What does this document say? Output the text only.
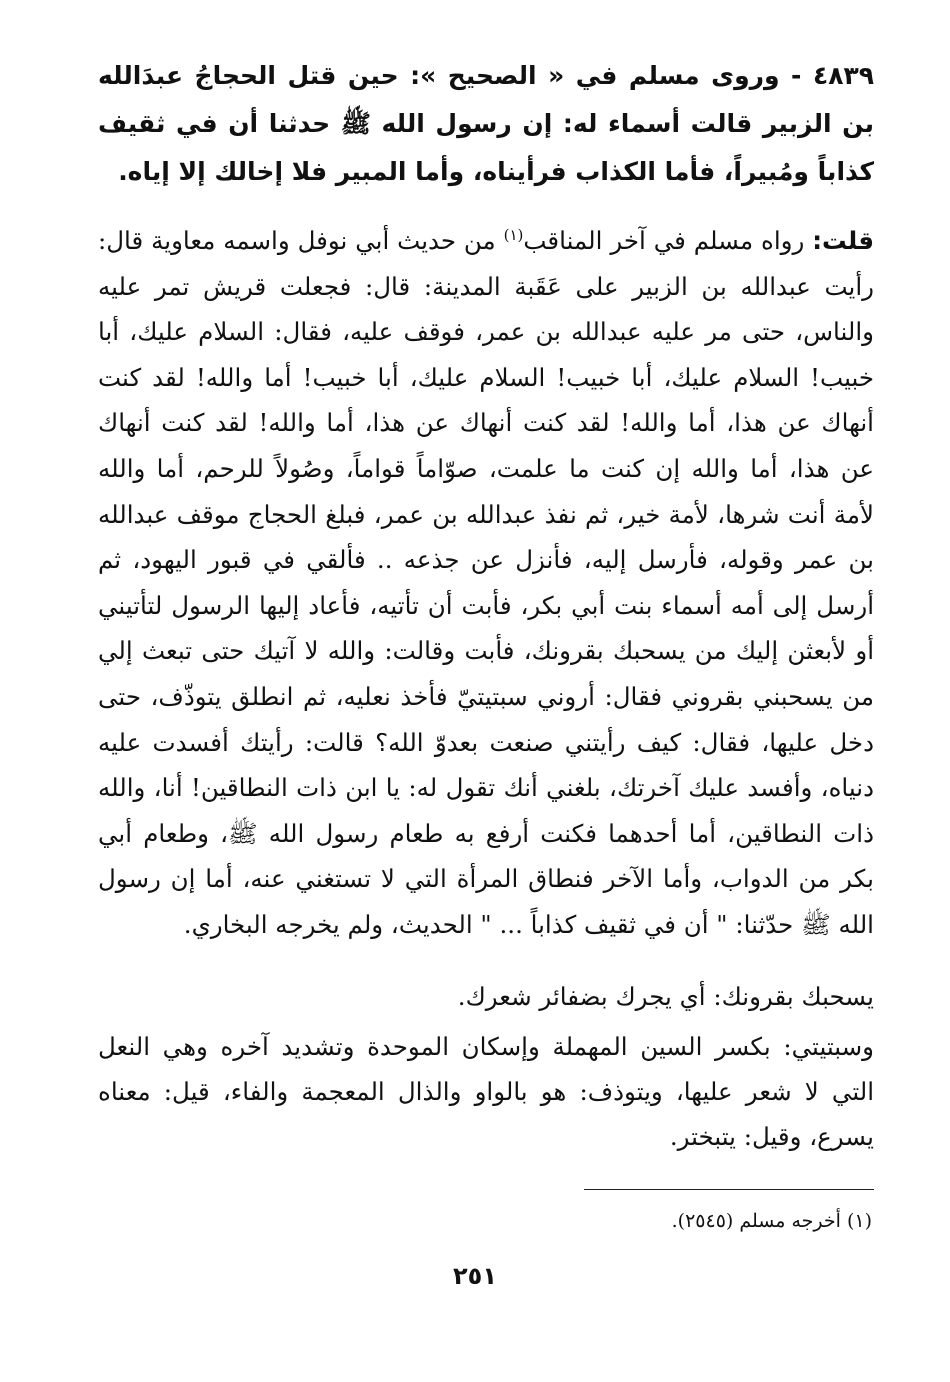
٤٨٣٩ - وروى مسلم في « الصحيح »: حين قتل الحجاجُ عبدَالله بن الزبير قالت أسماء له: إن رسول الله ﷺ حدثنا أن في ثقيف كذاباً ومُبيراً، فأما الكذاب فرأيناه، وأما المبير فلا إخالك إلا إياه.

قلت: رواه مسلم في آخر المناقب$^{(١)}$ من حديث أبي نوفل واسمه معاوية قال: رأيت عبدالله بن الزبير على عَقَبة المدينة: قال: فجعلت قريش تمر عليه والناس، حتى مر عليه عبدالله بن عمر، فوقف عليه، فقال: السلام عليك، أبا خبيب! السلام عليك، أبا خبيب! السلام عليك، أبا خبيب! أما والله! لقد كنت أنهاك عن هذا، أما والله! لقد كنت أنهاك عن هذا، أما والله! لقد كنت أنهاك عن هذا، أما والله إن كنت ما علمت، صوّاماً قواماً، وصُولاً للرحم، أما والله لأمة أنت شرها، لأمة خير، ثم نفذ عبدالله بن عمر، فبلغ الحجاج موقف عبدالله بن عمر وقوله، فأرسل إليه، فأنزل عن جذعه .. فألقي في قبور اليهود، ثم أرسل إلى أمه أسماء بنت أبي بكر، فأبت أن تأتيه، فأعاد إليها الرسول لتأتيني أو لأبعثن إليك من يسحبك بقرونك، فأبت وقالت: والله لا آتيك حتى تبعث إلي من يسحبني بقروني فقال: أروني سبتيتيّ فأخذ نعليه، ثم انطلق يتوذّف، حتى دخل عليها، فقال: كيف رأيتني صنعت بعدوّ الله؟ قالت: رأيتك أفسدت عليه دنياه، وأفسد عليك آخرتك، بلغني أنك تقول له: يا ابن ذات النطاقين! أنا، والله ذات النطاقين، أما أحدهما فكنت أرفع به طعام رسول الله ﷺ، وطعام أبي بكر من الدواب، وأما الآخر فنطاق المرأة التي لا تستغني عنه، أما إن رسول الله ﷺ حدّثنا: " أن في ثقيف كذاباً ... " الحديث، ولم يخرجه البخاري.

يسحبك بقرونك: أي يجرك بضفائر شعرك.

وسبتيتي: بكسر السين المهملة وإسكان الموحدة وتشديد آخره وهي النعل التي لا شعر عليها، ويتوذف: هو بالواو والذال المعجمة والفاء، قيل: معناه يسرع، وقيل: يتبختر.

(١) أخرجه مسلم (٢٥٤٥).
٢٥١
